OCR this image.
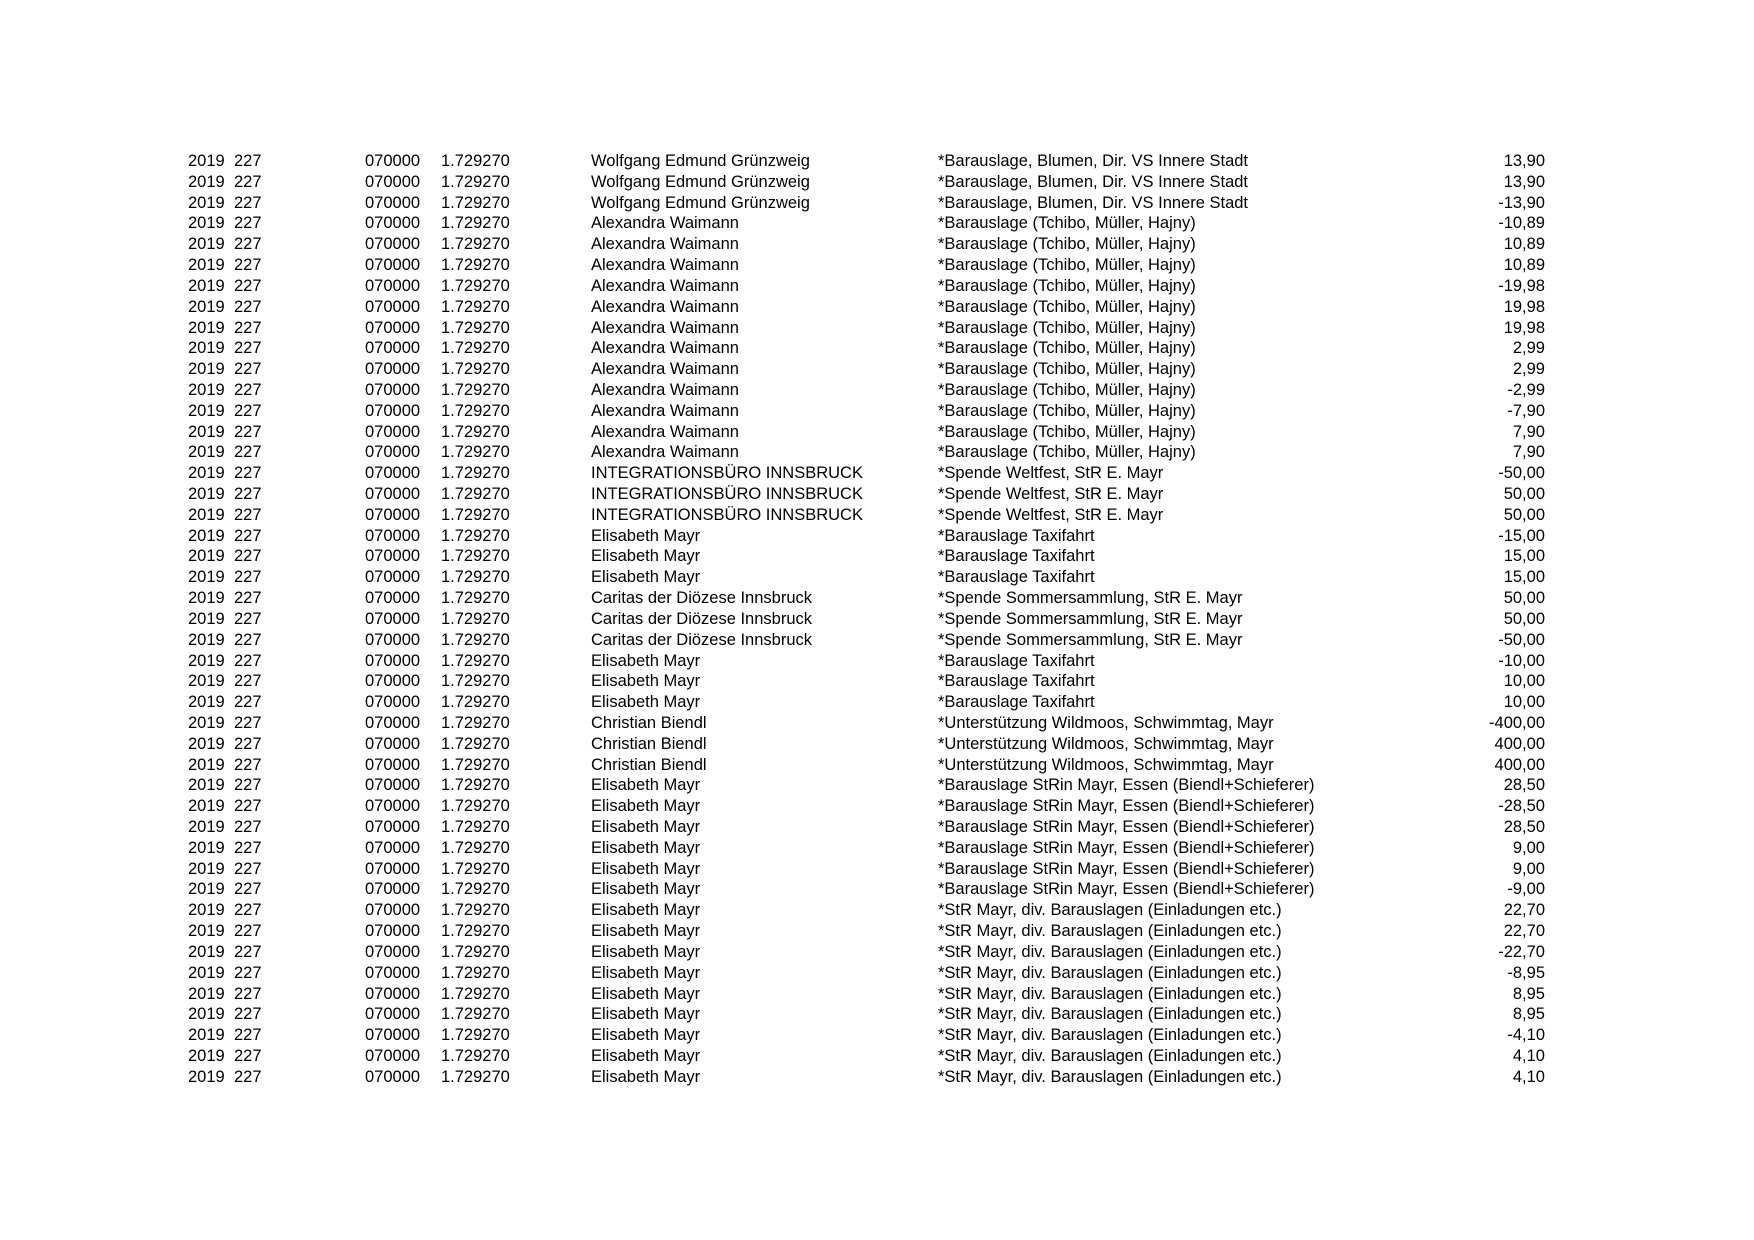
2019 227	070000 1.729270	Wolfgang Edmund Grünzweig	*Barauslage, Blumen, Dir. VS Innere Stadt	13,90
2019 227	070000 1.729270	Wolfgang Edmund Grünzweig	*Barauslage, Blumen, Dir. VS Innere Stadt	13,90
2019 227	070000 1.729270	Wolfgang Edmund Grünzweig	*Barauslage, Blumen, Dir. VS Innere Stadt	-13,90
2019 227	070000 1.729270	Alexandra Waimann	*Barauslage (Tchibo, Müller, Hajny)	-10,89
2019 227	070000 1.729270	Alexandra Waimann	*Barauslage (Tchibo, Müller, Hajny)	10,89
2019 227	070000 1.729270	Alexandra Waimann	*Barauslage (Tchibo, Müller, Hajny)	10,89
2019 227	070000 1.729270	Alexandra Waimann	*Barauslage (Tchibo, Müller, Hajny)	-19,98
2019 227	070000 1.729270	Alexandra Waimann	*Barauslage (Tchibo, Müller, Hajny)	19,98
2019 227	070000 1.729270	Alexandra Waimann	*Barauslage (Tchibo, Müller, Hajny)	19,98
2019 227	070000 1.729270	Alexandra Waimann	*Barauslage (Tchibo, Müller, Hajny)	2,99
2019 227	070000 1.729270	Alexandra Waimann	*Barauslage (Tchibo, Müller, Hajny)	2,99
2019 227	070000 1.729270	Alexandra Waimann	*Barauslage (Tchibo, Müller, Hajny)	-2,99
2019 227	070000 1.729270	Alexandra Waimann	*Barauslage (Tchibo, Müller, Hajny)	-7,90
2019 227	070000 1.729270	Alexandra Waimann	*Barauslage (Tchibo, Müller, Hajny)	7,90
2019 227	070000 1.729270	Alexandra Waimann	*Barauslage (Tchibo, Müller, Hajny)	7,90
2019 227	070000 1.729270	INTEGRATIONSBÜRO INNSBRUCK	*Spende Weltfest, StR E. Mayr	-50,00
2019 227	070000 1.729270	INTEGRATIONSBÜRO INNSBRUCK	*Spende Weltfest, StR E. Mayr	50,00
2019 227	070000 1.729270	INTEGRATIONSBÜRO INNSBRUCK	*Spende Weltfest, StR E. Mayr	50,00
2019 227	070000 1.729270	Elisabeth Mayr	*Barauslage Taxifahrt	-15,00
2019 227	070000 1.729270	Elisabeth Mayr	*Barauslage Taxifahrt	15,00
2019 227	070000 1.729270	Elisabeth Mayr	*Barauslage Taxifahrt	15,00
2019 227	070000 1.729270	Caritas der Diözese Innsbruck	*Spende Sommersammlung, StR E. Mayr	50,00
2019 227	070000 1.729270	Caritas der Diözese Innsbruck	*Spende Sommersammlung, StR E. Mayr	50,00
2019 227	070000 1.729270	Caritas der Diözese Innsbruck	*Spende Sommersammlung, StR E. Mayr	-50,00
2019 227	070000 1.729270	Elisabeth Mayr	*Barauslage Taxifahrt	-10,00
2019 227	070000 1.729270	Elisabeth Mayr	*Barauslage Taxifahrt	10,00
2019 227	070000 1.729270	Elisabeth Mayr	*Barauslage Taxifahrt	10,00
2019 227	070000 1.729270	Christian Biendl	*Unterstützung Wildmoos, Schwimmtag, Mayr	-400,00
2019 227	070000 1.729270	Christian Biendl	*Unterstützung Wildmoos, Schwimmtag, Mayr	400,00
2019 227	070000 1.729270	Christian Biendl	*Unterstützung Wildmoos, Schwimmtag, Mayr	400,00
2019 227	070000 1.729270	Elisabeth Mayr	*Barauslage StRin Mayr, Essen (Biendl+Schieferer)	28,50
2019 227	070000 1.729270	Elisabeth Mayr	*Barauslage StRin Mayr, Essen (Biendl+Schieferer)	-28,50
2019 227	070000 1.729270	Elisabeth Mayr	*Barauslage StRin Mayr, Essen (Biendl+Schieferer)	28,50
2019 227	070000 1.729270	Elisabeth Mayr	*Barauslage StRin Mayr, Essen (Biendl+Schieferer)	9,00
2019 227	070000 1.729270	Elisabeth Mayr	*Barauslage StRin Mayr, Essen (Biendl+Schieferer)	9,00
2019 227	070000 1.729270	Elisabeth Mayr	*Barauslage StRin Mayr, Essen (Biendl+Schieferer)	-9,00
2019 227	070000 1.729270	Elisabeth Mayr	*StR Mayr, div. Barauslagen (Einladungen etc.)	22,70
2019 227	070000 1.729270	Elisabeth Mayr	*StR Mayr, div. Barauslagen (Einladungen etc.)	22,70
2019 227	070000 1.729270	Elisabeth Mayr	*StR Mayr, div. Barauslagen (Einladungen etc.)	-22,70
2019 227	070000 1.729270	Elisabeth Mayr	*StR Mayr, div. Barauslagen (Einladungen etc.)	-8,95
2019 227	070000 1.729270	Elisabeth Mayr	*StR Mayr, div. Barauslagen (Einladungen etc.)	8,95
2019 227	070000 1.729270	Elisabeth Mayr	*StR Mayr, div. Barauslagen (Einladungen etc.)	8,95
2019 227	070000 1.729270	Elisabeth Mayr	*StR Mayr, div. Barauslagen (Einladungen etc.)	-4,10
2019 227	070000 1.729270	Elisabeth Mayr	*StR Mayr, div. Barauslagen (Einladungen etc.)	4,10
2019 227	070000 1.729270	Elisabeth Mayr	*StR Mayr, div. Barauslagen (Einladungen etc.)	4,10
